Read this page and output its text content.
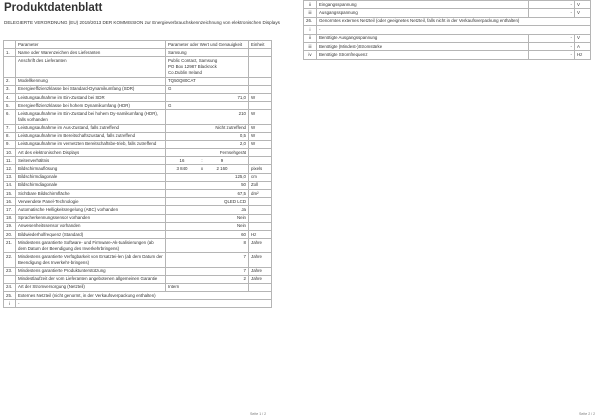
Produktdatenblatt
DELEGIERTE VERORDNUNG (EU) 2019/2013 DER KOMMISSION zur Energieverbrauchskennzeichnung von elektronischen Displays
	Parameter	Parameter oder Wert und Genauigkeit	Einheit
1.	Name oder Warenzeichen des Lieferanten	Samsung	
	Anschrift des Lieferanten	Public Contact, Samsung
PO Box 12987 Blackrock
Co.Dublin Ireland	

2.	Modellkennung	TQ50Q80CAT	
3.	Energieeffizienzklasse bei Standard-Dynamikumfang (SDR)	G	
4.	Leistungsaufnahme im Ein-Zustand bei SDR	71,0	W
5.	Energieeffizienzklasse bei hohem Dynamikumfang (HDR)	G	
6.	Leistungsaufnahme im Ein-Zustand bei hohem Dy-namikumfang (HDR), falls vorhanden	210	W
7.	Leistungsaufnahme im Aus-Zustand, falls zutreffend	Nicht zutreffend	W
8.	Leistungsaufnahme im Bereitschaftszustand, falls zutreffend	0,5	W
9.	Leistungsaufnahme im vernetzten Bereitschaftsbe-trieb, falls zutreffend	2,0	W
10.	Art des elektronischen Displays	Fernsehgerät	
11.	Seitenverhältnis	16 : 9	
12.	Bildschirmauflösung	3 840 x 2 160	pixels
13.	Bildschirmdiagonale	125,0	cm
14.	Bildschirmdiagonale	50	Zoll
15.	Sichtbare Bildschirmfläche	67,5	dm²
16.	Verwendete Panel-Technologie	QLED LCD	
17.	Automatische Helligkeitsregelung (ABC) vorhanden	Ja	
18.	Spracherkennungssensor vorhanden	Nein	
19.	Anwesenheitssensor vorhanden	Nein	
20.	Bildwiederholfrequenz (Standard)	60	Hz
21.	Mindestens garantierte Software- und Firmware-Ak-tualisierungen (ab dem Datum der Beendigung des Inverkehrbringens)	8	Jahre
22.	Mindestens garantierte Verfügbarkeit von Ersatztei-len (ab dem Datum der Beendigung des Inverkehr-bringens)	7	Jahre
23.	Mindestens garantierte Produktunterstützung	7	Jahre
	Mindestlaufzeit der vom Lieferanten angebotenen allgemeinen Garantie	2	Jahre
24.	Art der Stromversorgung (Netzteil)	Intern	
25.	Externes Netzteil (nicht genormt, in der Verkaufsverpackung enthalten)		
i	-		
Seite 1 / 2
ii	Eingangsspannung	-	V
iii	Ausgangsspannung	-	V
26.	Genormtes externes Netzteil (oder geeignetes Netzteil, falls nicht in der Verkaufsverpackung enthalten)		
i	-		
ii	Benötigte Ausgangsspannung	-	V
iii	Benötigte (Mindest-)Stromstärke	-	A
iv	Benötigte Stromfrequenz	-	Hz
Seite 2 / 2
